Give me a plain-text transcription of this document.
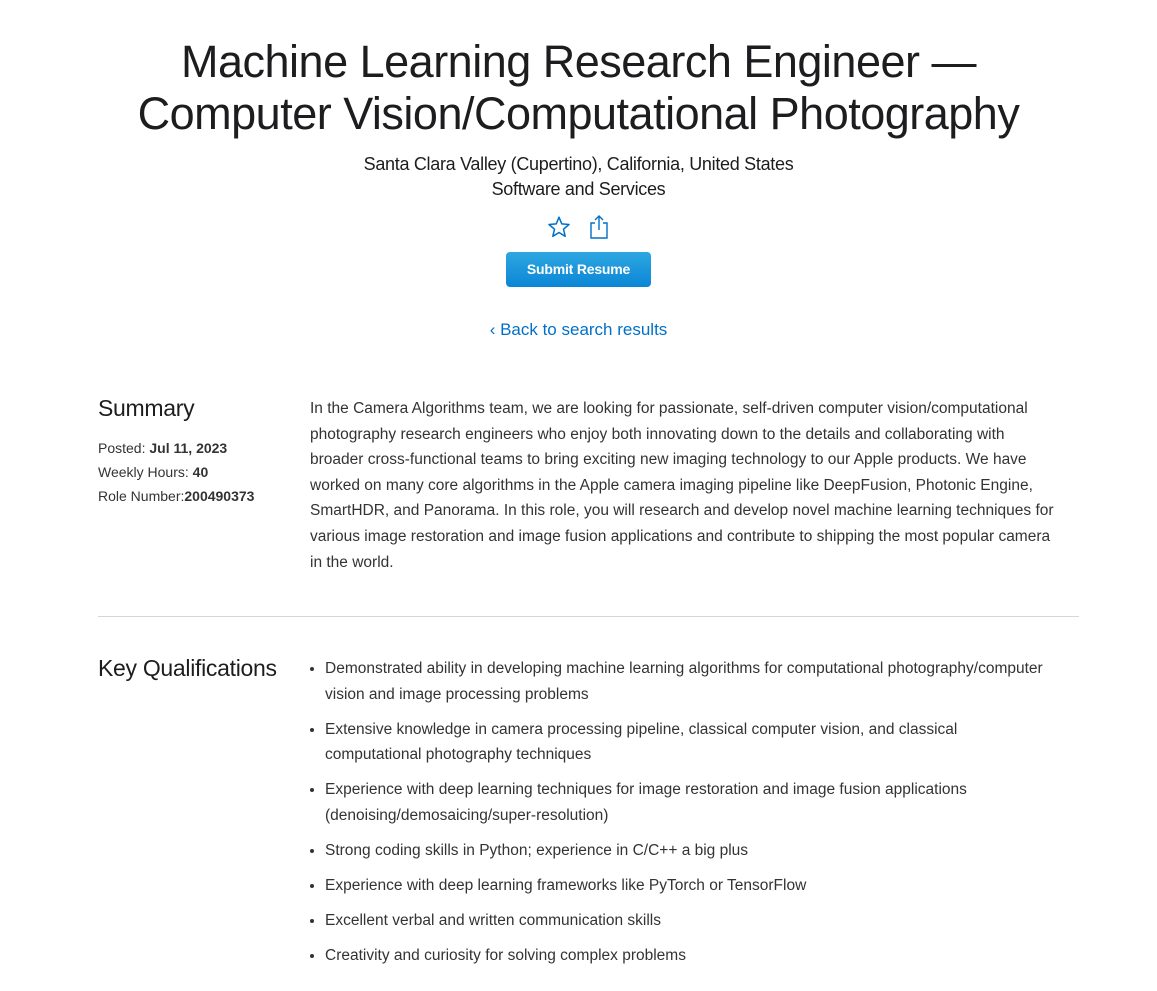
Machine Learning Research Engineer — Computer Vision/Computational Photography
Santa Clara Valley (Cupertino), California, United States
Software and Services
Submit Resume
‹ Back to search results
Summary
Posted: Jul 11, 2023
Weekly Hours: 40
Role Number:200490373
In the Camera Algorithms team, we are looking for passionate, self-driven computer vision/computational photography research engineers who enjoy both innovating down to the details and collaborating with broader cross-functional teams to bring exciting new imaging technology to our Apple products. We have worked on many core algorithms in the Apple camera imaging pipeline like DeepFusion, Photonic Engine, SmartHDR, and Panorama. In this role, you will research and develop novel machine learning techniques for various image restoration and image fusion applications and contribute to shipping the most popular camera in the world.
Key Qualifications
•	Demonstrated ability in developing machine learning algorithms for computational photography/computer vision and image processing problems
• Extensive knowledge in camera processing pipeline, classical computer vision, and classical computational photography techniques
• Experience with deep learning techniques for image restoration and image fusion applications (denoising/demosaicing/super-resolution)
• Strong coding skills in Python; experience in C/C++ a big plus
• Experience with deep learning frameworks like PyTorch or TensorFlow
• Excellent verbal and written communication skills
• Creativity and curiosity for solving complex problems
